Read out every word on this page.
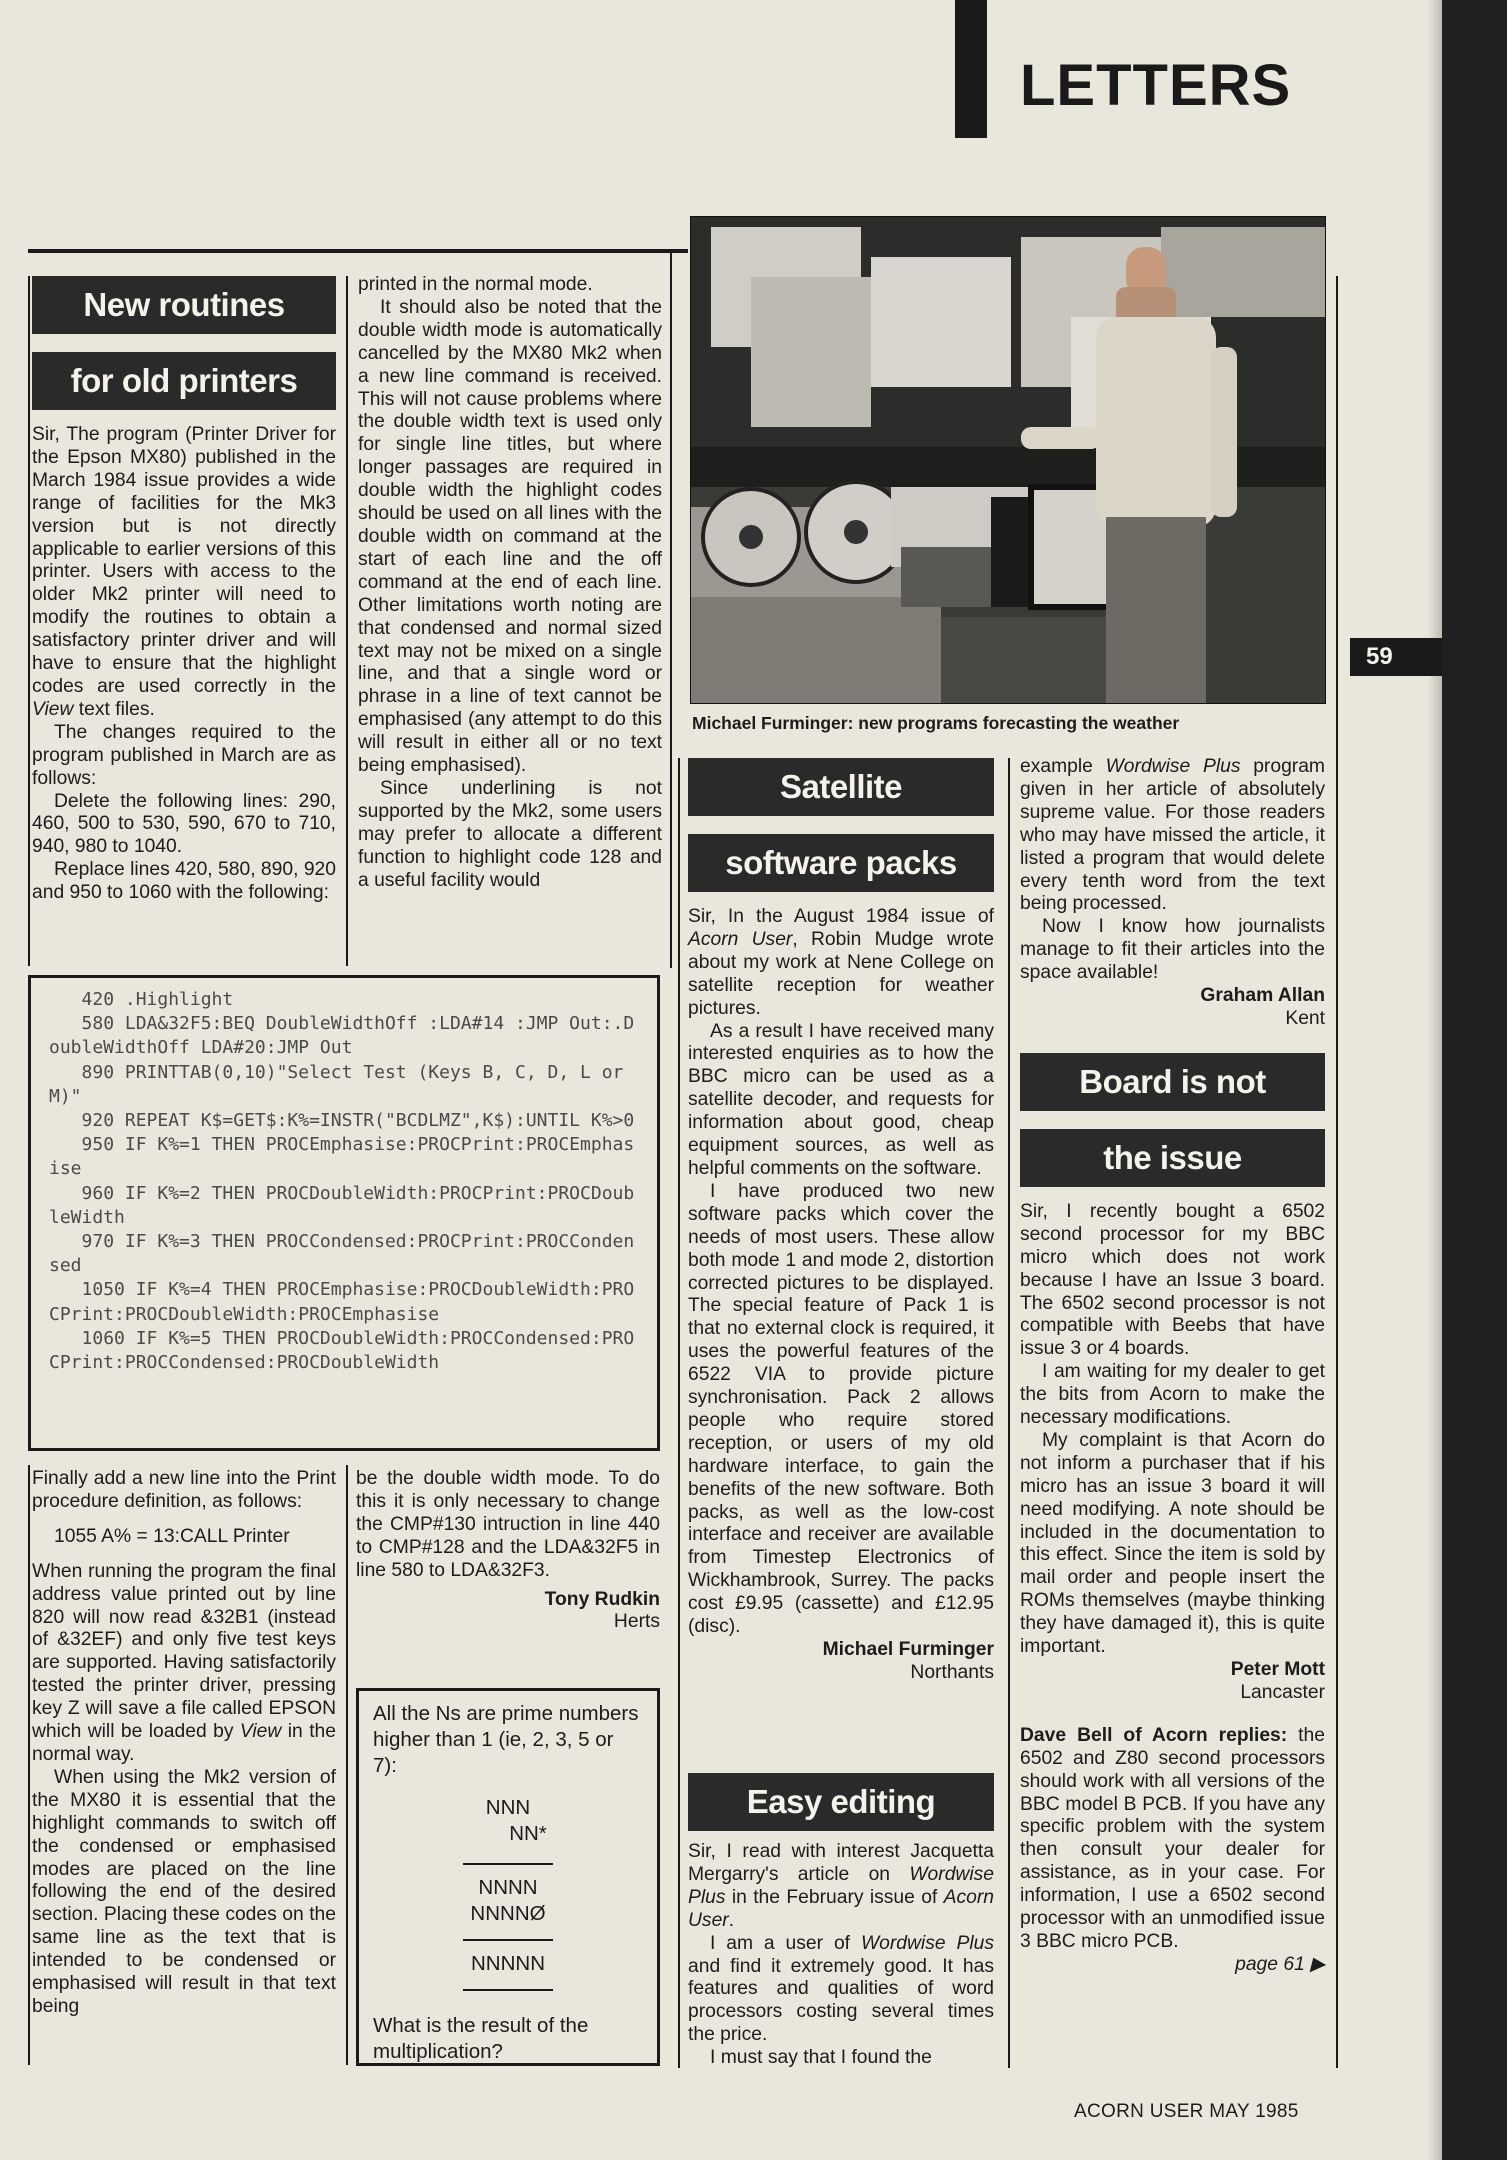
LETTERS
59
New routines
for old printers

Sir, The program (Printer Driver for the Epson MX80) published in the March 1984 issue provides a wide range of facilities for the Mk3 version but is not directly applicable to earlier versions of this printer. Users with access to the older Mk2 printer will need to modify the routines to obtain a satisfactory printer driver and will have to ensure that the highlight codes are used correctly in the View text files.

The changes required to the program published in March are as follows:

Delete the following lines: 290, 460, 500 to 530, 590, 670 to 710, 940, 980 to 1040.

Replace lines 420, 580, 890, 920 and 950 to 1060 with the following:

printed in the normal mode.

It should also be noted that the double width mode is automatically cancelled by the MX80 Mk2 when a new line command is received. This will not cause problems where the double width text is used only for single line titles, but where longer passages are required in double width the highlight codes should be used on all lines with the double width on command at the start of each line and the off command at the end of each line. Other limitations worth noting are that condensed and normal sized text may not be mixed on a single line, and that a single word or phrase in a line of text cannot be emphasised (any attempt to do this will result in either all or no text being emphasised).

Since underlining is not supported by the Mk2, some users may prefer to allocate a different function to highlight code 128 and a useful facility would

420 .Highlight
580 LDA&32F5:BEQ DoubleWidthOff :LDA#14 :JMP Out:.DoubleWidthOff LDA#20:JMP Out
890 PRINTTAB(0,10)"Select Test (Keys B, C, D, L or M)"
920 REPEAT K$=GET$:K%=INSTR("BCDLMZ",K$):UNTIL K%>0
950 IF K%=1 THEN PROCEmphasise:PROCPrint:PROCEmphasise
960 IF K%=2 THEN PROCDoubleWidth:PROCPrint:PROCDoubleWidth
970 IF K%=3 THEN PROCCondensed:PROCPrint:PROCCondensed
1050 IF K%=4 THEN PROCEmphasise:PROCDoubleWidth:PROCPrint:PROCDoubleWidth:PROCEmphasise
1060 IF K%=5 THEN PROCDoubleWidth:PROCCondensed:PROCPrint:PROCCondensed:PROCDoubleWidth

Finally add a new line into the Print procedure definition, as follows:

1055 A% = 13:CALL Printer

When running the program the final address value printed out by line 820 will now read &32B1 (instead of &32EF) and only five test keys are supported. Having satisfactorily tested the printer driver, pressing key Z will save a file called EPSON which will be loaded by View in the normal way.

When using the Mk2 version of the MX80 it is essential that the highlight commands to switch off the condensed or emphasised modes are placed on the line following the end of the desired section. Placing these codes on the same line as the text that is intended to be condensed or emphasised will result in that text being

be the double width mode. To do this it is only necessary to change the CMP#130 intruction in line 440 to CMP#128 and the LDA&32F5 in line 580 to LDA&32F3.

Tony Rudkin

Herts

All the Ns are prime numbers higher than 1 (ie, 2, 3, 5 or 7):

NNN

NN*

NNNN

NNNNØ

NNNNN

What is the result of the multiplication?

Michael Furminger: new programs forecasting the weather
Satellite
software packs

Sir, In the August 1984 issue of Acorn User, Robin Mudge wrote about my work at Nene College on satellite reception for weather pictures.

As a result I have received many interested enquiries as to how the BBC micro can be used as a satellite decoder, and requests for information about good, cheap equipment sources, as well as helpful comments on the software.

I have produced two new software packs which cover the needs of most users. These allow both mode 1 and mode 2, distortion corrected pictures to be displayed. The special feature of Pack 1 is that no external clock is required, it uses the powerful features of the 6522 VIA to provide picture synchronisation. Pack 2 allows people who require stored reception, or users of my old hardware interface, to gain the benefits of the new software. Both packs, as well as the low-cost interface and receiver are available from Timestep Electronics of Wickhambrook, Surrey. The packs cost £9.95 (cassette) and £12.95 (disc).

Michael Furminger

Northants

Easy editing

Sir, I read with interest Jacquetta Mergarry's article on Wordwise Plus in the February issue of Acorn User.

I am a user of Wordwise Plus and find it extremely good. It has features and qualities of word processors costing several times the price.

I must say that I found the

example Wordwise Plus program given in her article of absolutely supreme value. For those readers who may have missed the article, it listed a program that would delete every tenth word from the text being processed.

Now I know how journalists manage to fit their articles into the space available!

Graham Allan

Kent

Board is not
the issue

Sir, I recently bought a 6502 second processor for my BBC micro which does not work because I have an Issue 3 board. The 6502 second processor is not compatible with Beebs that have issue 3 or 4 boards.

I am waiting for my dealer to get the bits from Acorn to make the necessary modifications.

My complaint is that Acorn do not inform a purchaser that if his micro has an issue 3 board it will need modifying. A note should be included in the documentation to this effect. Since the item is sold by mail order and people insert the ROMs themselves (maybe thinking they have damaged it), this is quite important.

Peter Mott

Lancaster

Dave Bell of Acorn replies: the 6502 and Z80 second processors should work with all versions of the BBC model B PCB. If you have any specific problem with the system then consult your dealer for assistance, as in your case. For information, I use a 6502 second processor with an unmodified issue 3 BBC micro PCB.

page 61 ▶

ACORN USER MAY 1985
